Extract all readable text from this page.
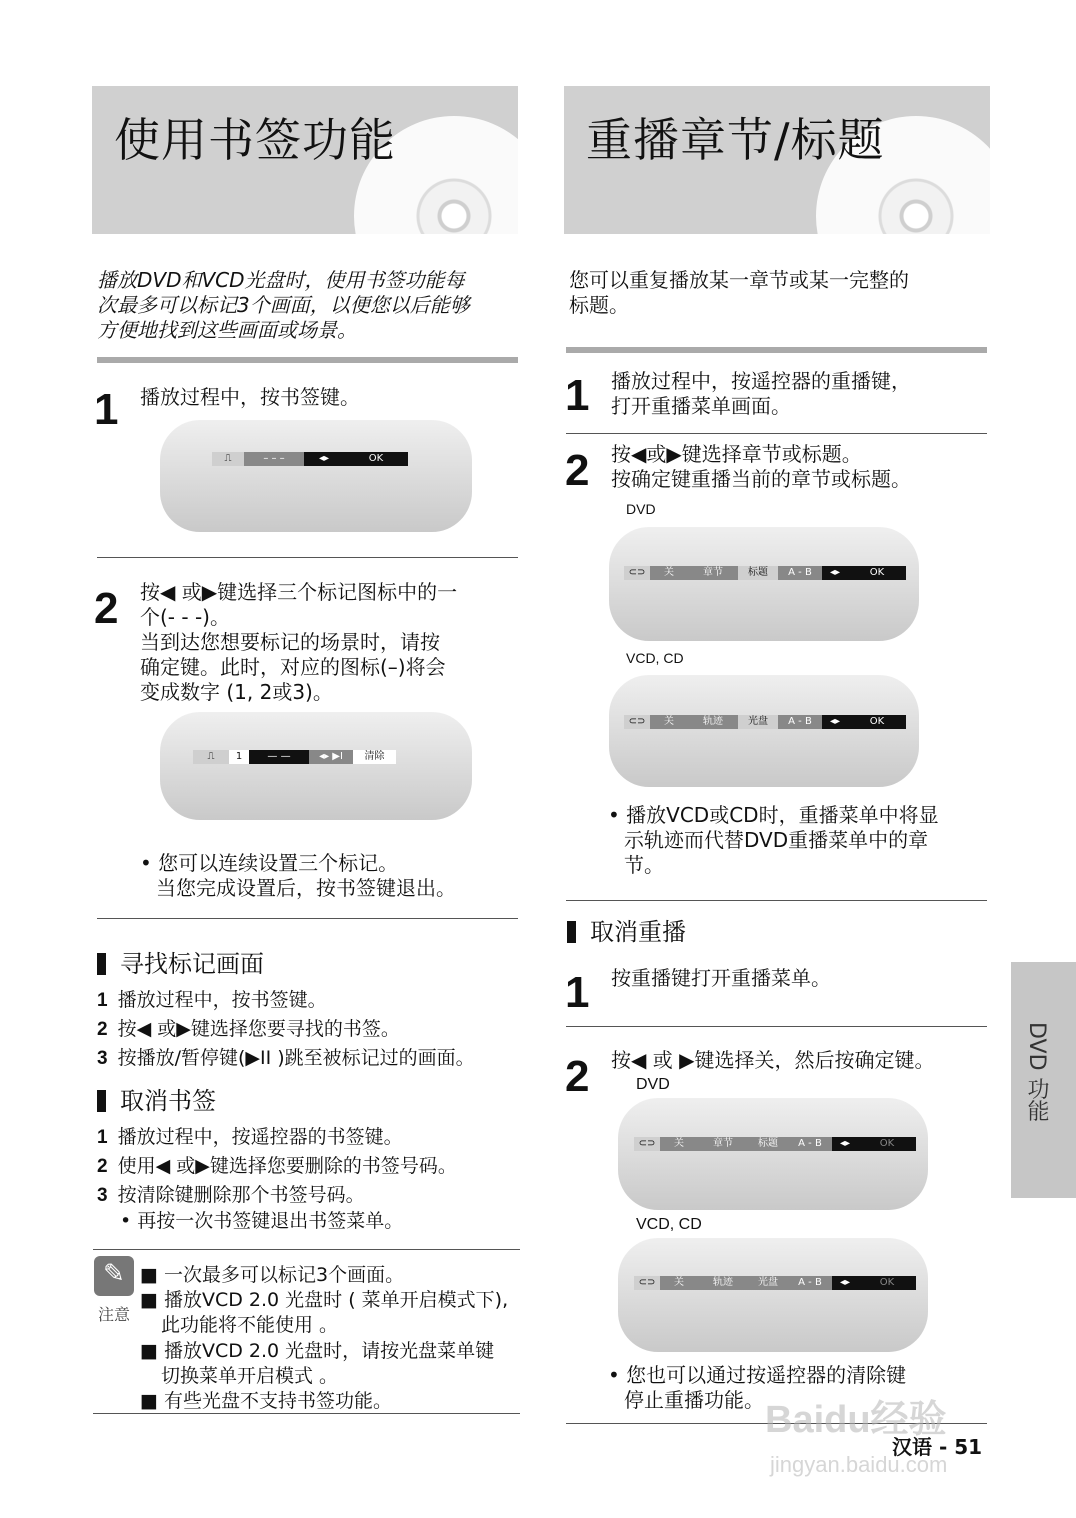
使用书签功能	重播章节/标题
播放DVD和VCD光盘时，使用书签功能每
次最多可以标记3个画面，以便您以后能够
方便地找到这些画面或场景。
1 播放过程中，按书签键。
⎍	– – –	◂▸	OK
2 按◀ 或▶键选择三个标记图标中的一
个(- - -)。
当到达您想要标记的场景时，请按
确定键。此时，对应的图标(–)将会
变成数字 (1, 2或3)。
⎍	1	— —	◂▸ ▶I	清除
• 您可以连续设置三个标记。
当您完成设置后，按书签键退出。
寻找标记画面
1 播放过程中，按书签键。
2 按◀ 或▶键选择您要寻找的书签。
3 按播放/暂停键(▶II )跳至被标记过的画面。
取消书签
1 播放过程中，按遥控器的书签键。
2 使用◀ 或▶键选择您要删除的书签号码。
3 按清除键删除那个书签号码。
• 再按一次书签键退出书签菜单。
✎
注意
■ 一次最多可以标记3个画面。
■ 播放VCD 2.0 光盘时 ( 菜单开启模式下),
此功能将不能使用 。
■ 播放VCD 2.0 光盘时，请按光盘菜单键
切换菜单开启模式 。
■ 有些光盘不支持书签功能。
您可以重复播放某一章节或某一完整的
标题。
1 播放过程中，按遥控器的重播键，
打开重播菜单画面。
2 按◀或▶键选择章节或标题。
按确定键重播当前的章节或标题。
DVD
⊂⊃	关	章节	标题	A - B	◂▸	OK
VCD, CD
⊂⊃	关	轨迹	光盘	A - B	◂▸	OK
• 播放VCD或CD时，重播菜单中将显
示轨迹而代替DVD重播菜单中的章
节。
取消重播
1 按重播键打开重播菜单。
2 按◀ 或 ▶键选择关，然后按确定键。
DVD
⊂⊃	关	章节	标题	A - B	◂▸	OK
VCD, CD
⊂⊃	关	轨迹	光盘	A - B	◂▸	OK
• 您也可以通过按遥控器的清除键
停止重播功能。
DVD 功能
汉语 - 51
Baidu经验
jingyan.baidu.com
